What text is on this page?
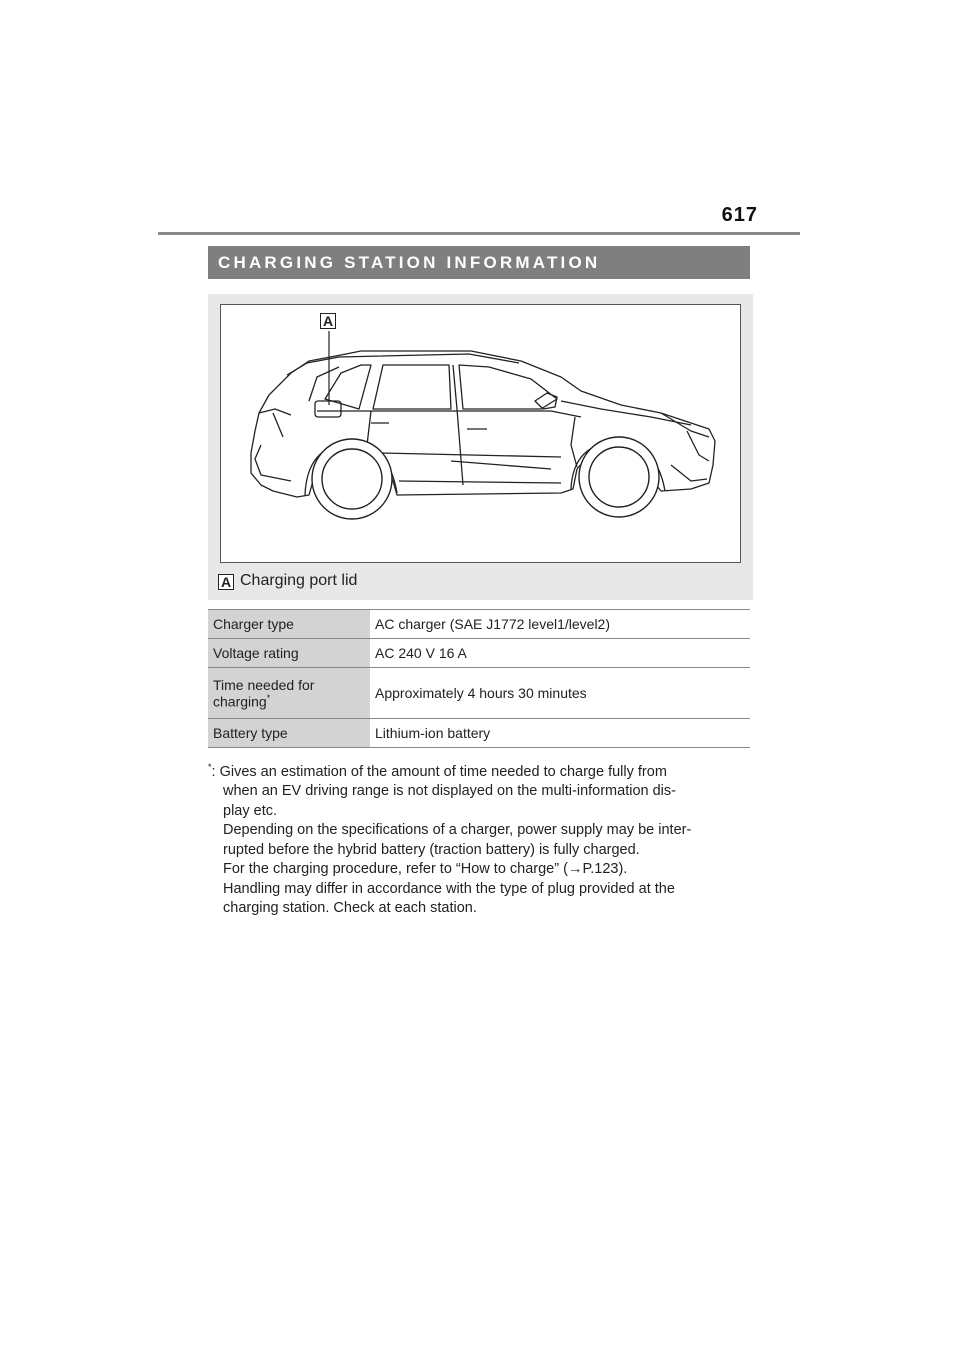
617
CHARGING STATION INFORMATION
A
A Charging port lid
Charger type	AC charger (SAE J1772 level1/level2)
Voltage rating	AC 240 V 16 A
Time needed for charging*	Approximately 4 hours 30 minutes
Battery type	Lithium-ion battery

*: Gives an estimation of the amount of time needed to charge fully from

when an EV driving range is not displayed on the multi-information dis-

play etc.

Depending on the specifications of a charger, power supply may be inter-

rupted before the hybrid battery (traction battery) is fully charged.

For the charging procedure, refer to “How to charge” (→P.123).

Handling may differ in accordance with the type of plug provided at the

charging station. Check at each station.
